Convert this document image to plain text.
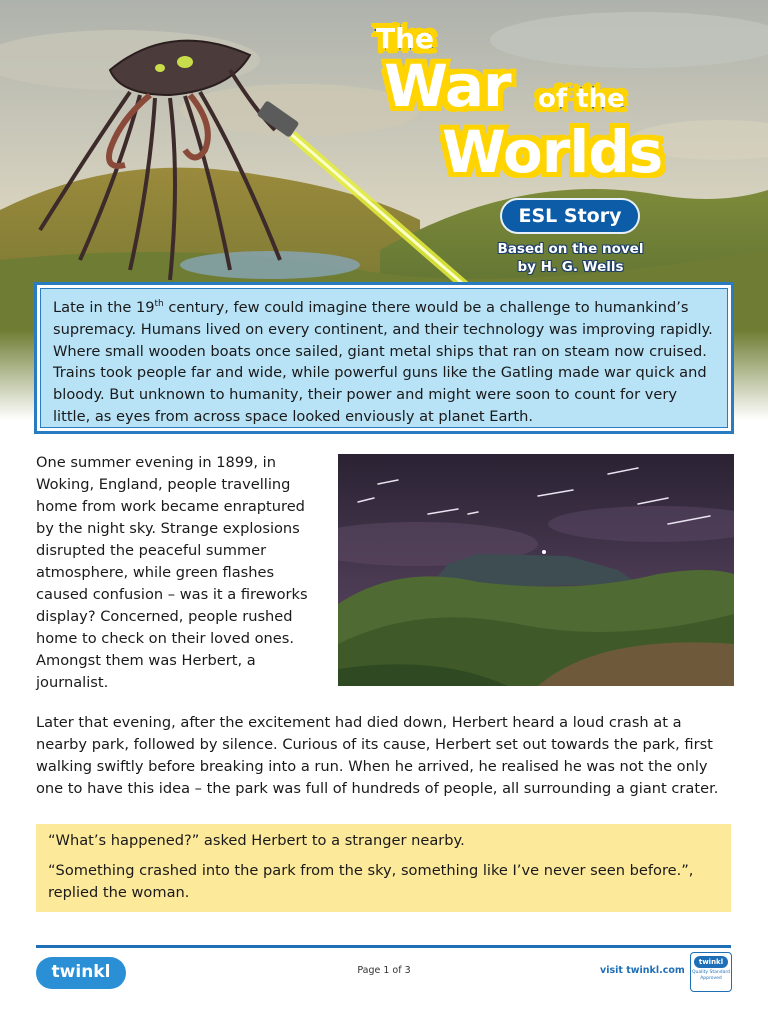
The
War of the
Worlds
ESL Story
Based on the novel
by H. G. Wells
Late in the 19th century, few could imagine there would be a challenge to humankind’s supremacy. Humans lived on every continent, and their technology was improving rapidly. Where small wooden boats once sailed, giant metal ships that ran on steam now cruised. Trains took people far and wide, while powerful guns like the Gatling made war quick and bloody. But unknown to humanity, their power and might were soon to count for very little, as eyes from across space looked enviously at planet Earth.

One summer evening in 1899, in Woking, England, people travelling home from work became enraptured by the night sky. Strange explosions disrupted the peaceful summer atmosphere, while green flashes caused confusion – was it a fireworks display? Concerned, people rushed home to check on their loved ones. Amongst them was Herbert, a journalist.

Later that evening, after the excitement had died down, Herbert heard a loud crash at a nearby park, followed by silence. Curious of its cause, Herbert set out towards the park, first walking swiftly before breaking into a run. When he arrived, he realised he was not the only one to have this idea – the park was full of hundreds of people, all surrounding a giant crater.

“What’s happened?” asked Herbert to a stranger nearby.

“Something crashed into the park from the sky, something like I’ve never seen before.”, replied the woman.

twinkl	Page 1 of 3	visit twinkl.com
twinkl
Quality Standard Approved
